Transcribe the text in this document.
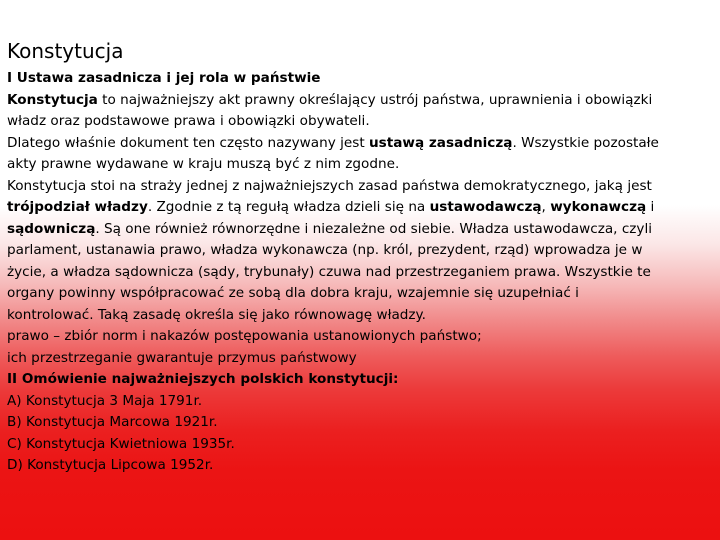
Konstytucja
I Ustawa zasadnicza i jej rola w państwie
Konstytucja to najważniejszy akt prawny określający ustrój państwa, uprawnienia i obowiązki
władz oraz podstawowe prawa i obowiązki obywateli.
Dlatego właśnie dokument ten często nazywany jest ustawą zasadniczą. Wszystkie pozostałe
akty prawne wydawane w kraju muszą być z nim zgodne.
Konstytucja stoi na straży jednej z najważniejszych zasad państwa demokratycznego, jaką jest
trójpodział władzy. Zgodnie z tą regułą władza dzieli się na ustawodawczą, wykonawczą i
sądowniczą. Są one również równorzędne i niezależne od siebie. Władza ustawodawcza, czyli
parlament, ustanawia prawo, władza wykonawcza (np. król, prezydent, rząd) wprowadza je w
życie, a władza sądownicza (sądy, trybunały) czuwa nad przestrzeganiem prawa. Wszystkie te
organy powinny współpracować ze sobą dla dobra kraju, wzajemnie się uzupełniać i
kontrolować. Taką zasadę określa się jako równowagę władzy.
prawo – zbiór norm i nakazów postępowania ustanowionych państwo;
ich przestrzeganie gwarantuje przymus państwowy
II Omówienie najważniejszych polskich konstytucji:
A) Konstytucja 3 Maja 1791r.
B) Konstytucja Marcowa 1921r.
C) Konstytucja Kwietniowa 1935r.
D) Konstytucja Lipcowa 1952r.
